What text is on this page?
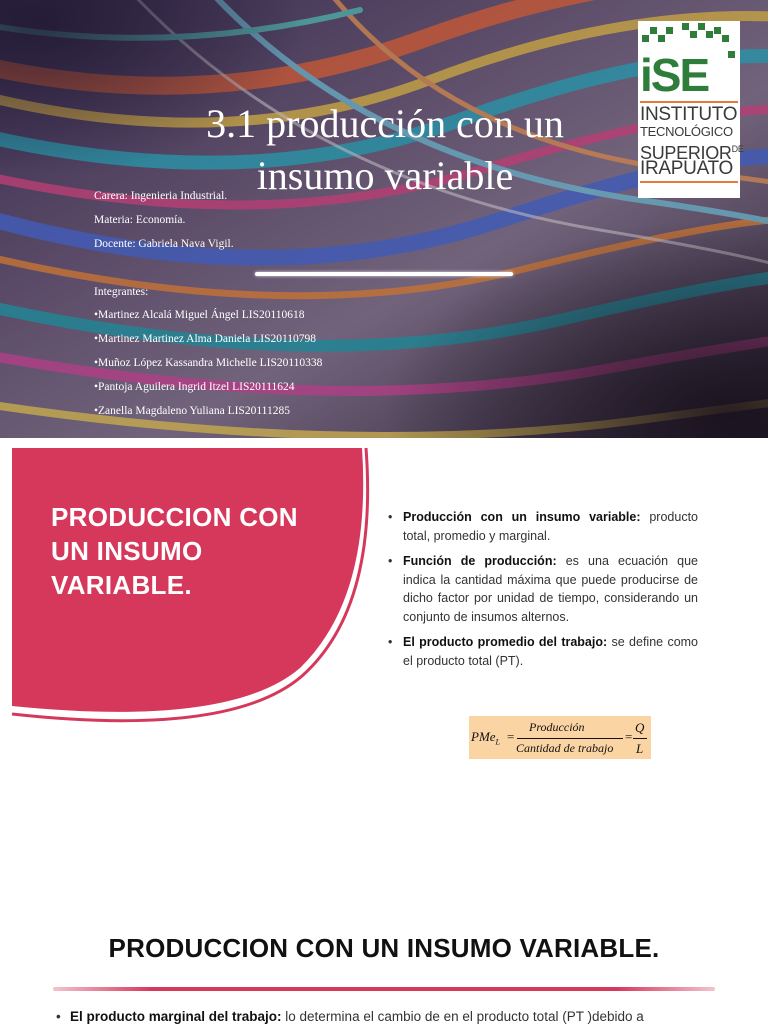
3.1 producción con un insumo variable
Carera: Ingenieria Industrial.
Materia: Economía.
Docente: Gabriela Nava Vigil.
Integrantes:
•Martinez Alcalá Miguel Ángel LIS20110618
•Martinez Martinez Alma Daniela LIS20110798
•Muñoz López Kassandra Michelle LIS20110338
•Pantoja Aguilera Ingrid Itzel LIS20111624
•Zanella Magdaleno Yuliana LIS20111285
iSE
INSTITUTO
TECNOLÓGICO
$SUPERIOR^{DE}$
IRAPUATO
PRODUCCION CON UN INSUMO VARIABLE.
• Producción con un insumo variable: producto total, promedio y marginal.
• Función de producción: es una ecuación que indica la cantidad máxima que puede producirse de dicho factor por unidad de tiempo, considerando un conjunto de insumos alternos.
• El producto promedio del trabajo: se define como el producto total (PT).
PMe$_L$ =
Producción
Cantidad de trabajo
=
Q
L
PRODUCCION CON UN INSUMO VARIABLE.
• El producto marginal del trabajo: lo determina el cambio de en el producto total (PT )debido a
